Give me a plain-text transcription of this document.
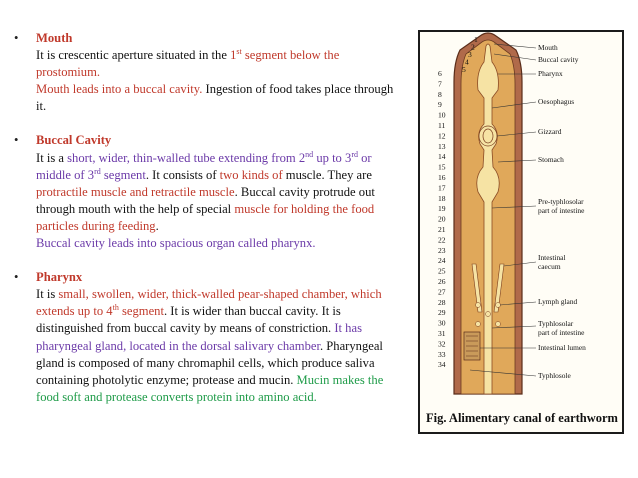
• Mouth
It is crescentic aperture situated in the 1st segment below the prostomium.
Mouth leads into a buccal cavity. Ingestion of food takes place through it.
• Buccal Cavity
It is a short, wider, thin-walled tube extending from 2nd up to 3rd or middle of 3rd segment. It consists of two kinds of muscle. They are protractile muscle and retractile muscle. Buccal cavity protrude out through mouth with the help of special muscle for holding the food particles during feeding.
Buccal cavity leads into spacious organ called pharynx.
• Pharynx
It is small, swollen, wider, thick-walled pear-shaped chamber, which extends up to 4th segment. It is wider than buccal cavity. It is distinguished from buccal cavity by means of constriction. It has pharyngeal gland, located in the dorsal salivary chamber. Pharyngeal gland is composed of many chromaphil cells, which produce saliva containing photolytic enzyme; protease and mucin. Mucin makes the food soft and protease converts protein into amino acid.
1
2
3
4
5
6
7
8
9
10
11
12
13
14
15
16
17
18
19
20
21
22
23
24
25
26
27
28
29
30
31
32
33
34
Mouth
Buccal cavity
Pharynx
Oesophagus
Gizzard
Stomach
Pre-typhlosolar
part of intestine
Intestinal
caecum
Lymph gland
Typhlosolar
part of intestine
Intestinal lumen
Typhlosole
Fig. Alimentary canal of earthworm
